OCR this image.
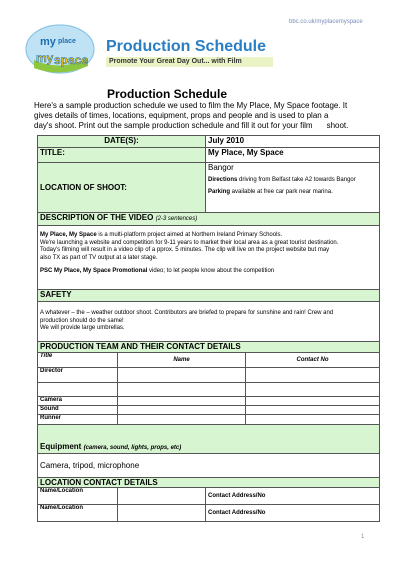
bbc.co.uk/myplacemyspace
my place
my space
Production Schedule
Promote Your Great Day Out... with Film
Production Schedule
Here's a sample production schedule we used to film the My Place, My Space footage. It
gives details of times, locations, equipment, props and people and is used to plan a
day's shoot. Print out the sample production schedule and fill it out for your film shoot.
DATE(S):		July 2010	
TITLE:		My Place, My Space	
LOCATION OF SHOOT:		Bangor
Directions driving from Belfast take A2 towards Bangor
Parking available at free car park near marina.	

DESCRIPTION OF THE VIDEO (2-3 sentences)			

My Place, My Space is a multi-platform project aimed at Northern Ireland Primary Schools.
We're launching a website and competition for 9-11 years to market their local area as a great tourist destination.
Today's filming will result in a video clip of a pprox. 5 minutes. The clip will live on the project website but may
also TX as part of TV output at a later stage.
PSC My Place, My Space Promotional video; to let people know about the competition			

SAFETY			

A whatever – the – weather outdoor shoot. Contributors are briefed to prepare for sunshine and rain! Crew and
production should do the same!
We will provide large umbrellas.			

PRODUCTION TEAM AND THEIR CONTACT DETAILS			
Title	Name		Contact No
Director			

Camera			
Sound			
Runner			
Equipment (camera, sound, lights, props, etc)			
Camera, tripod, microphone			
LOCATION CONTACT DETAILS			
Name/Location		Contact Address/No	
Name/Location		Contact Address/No	
1
